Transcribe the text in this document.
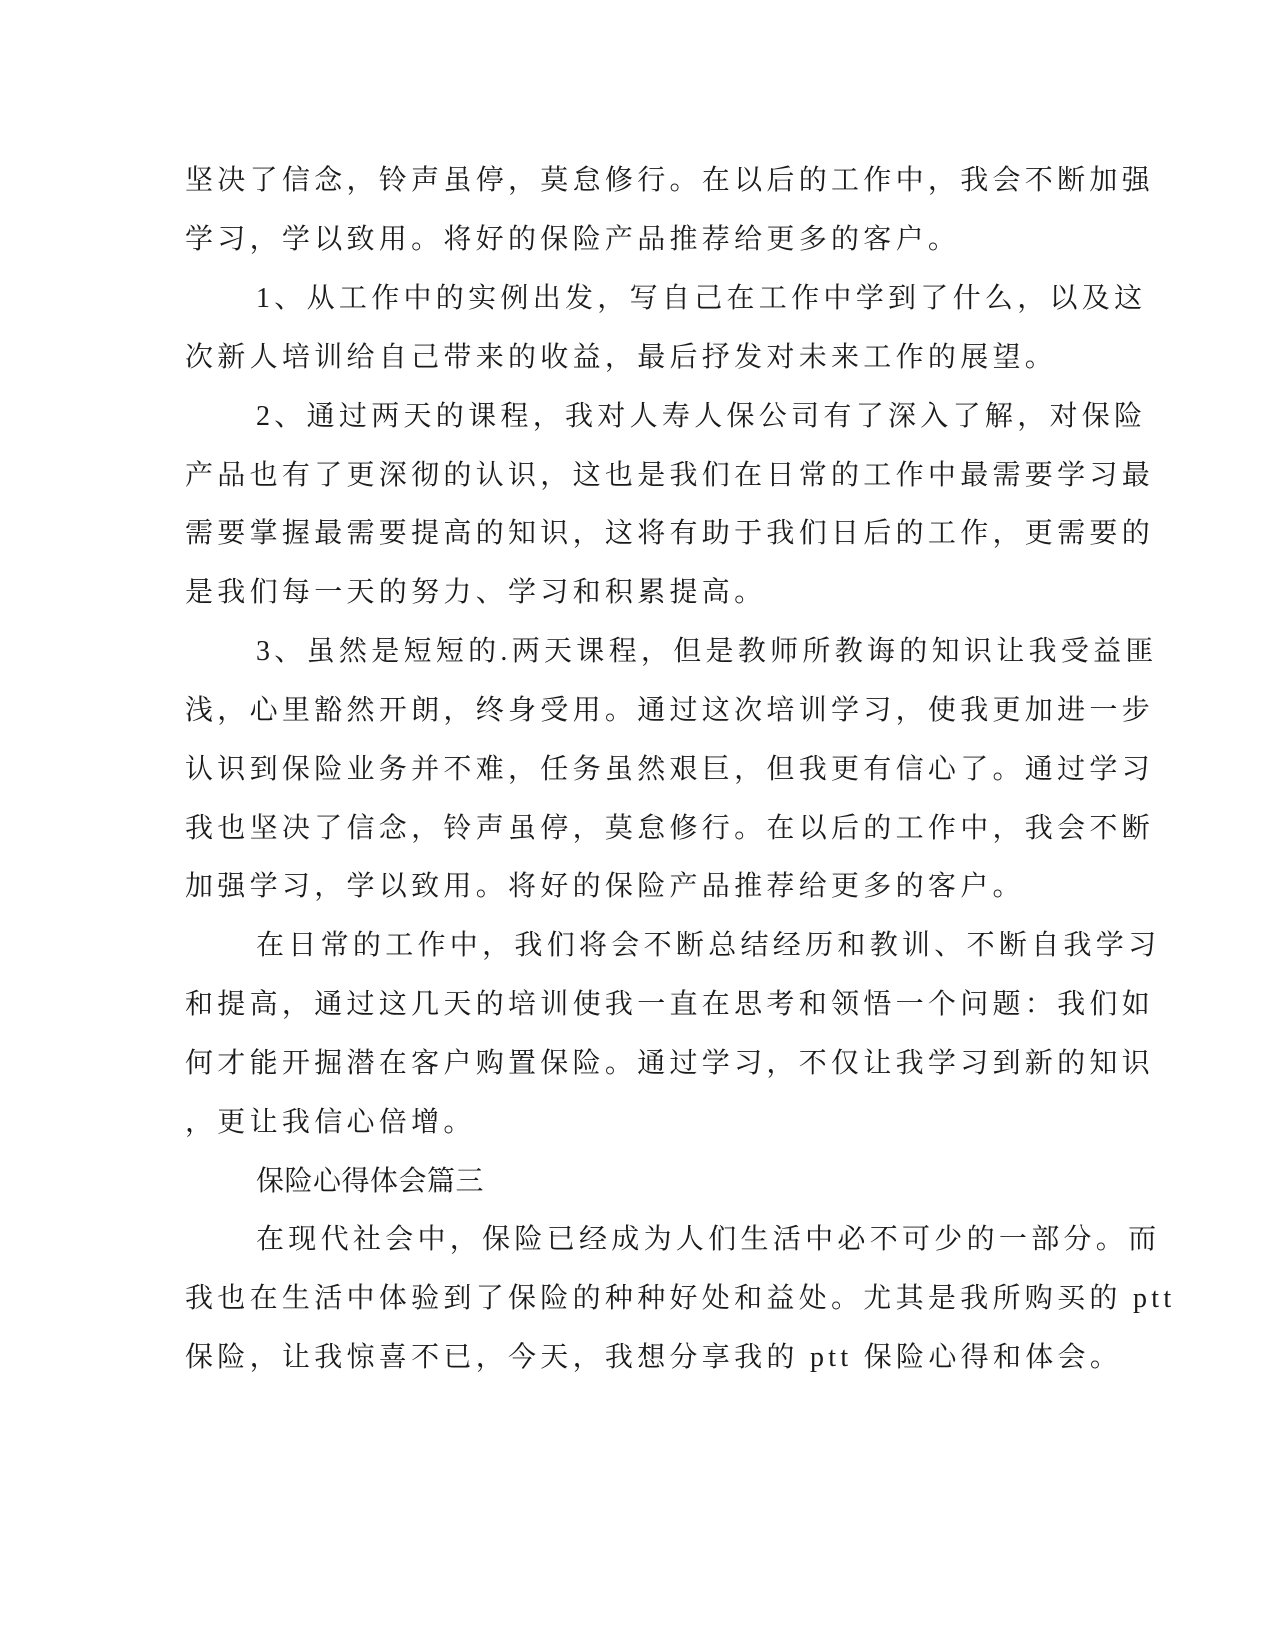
坚决了信念，铃声虽停，莫怠修行。在以后的工作中，我会不断加强
学习，学以致用。将好的保险产品推荐给更多的客户。
1、从工作中的实例出发，写自己在工作中学到了什么，以及这
次新人培训给自己带来的收益，最后抒发对未来工作的展望。
2、通过两天的课程，我对人寿人保公司有了深入了解，对保险
产品也有了更深彻的认识，这也是我们在日常的工作中最需要学习最
需要掌握最需要提高的知识，这将有助于我们日后的工作，更需要的
是我们每一天的努力、学习和积累提高。
3、虽然是短短的.两天课程，但是教师所教诲的知识让我受益匪
浅，心里豁然开朗，终身受用。通过这次培训学习，使我更加进一步
认识到保险业务并不难，任务虽然艰巨，但我更有信心了。通过学习
我也坚决了信念，铃声虽停，莫怠修行。在以后的工作中，我会不断
加强学习，学以致用。将好的保险产品推荐给更多的客户。
在日常的工作中，我们将会不断总结经历和教训、不断自我学习
和提高，通过这几天的培训使我一直在思考和领悟一个问题：我们如
何才能开掘潜在客户购置保险。通过学习，不仅让我学习到新的知识
，更让我信心倍增。
保险心得体会篇三
在现代社会中，保险已经成为人们生活中必不可少的一部分。而
我也在生活中体验到了保险的种种好处和益处。尤其是我所购买的 ptt
保险，让我惊喜不已，今天，我想分享我的 ptt 保险心得和体会。
